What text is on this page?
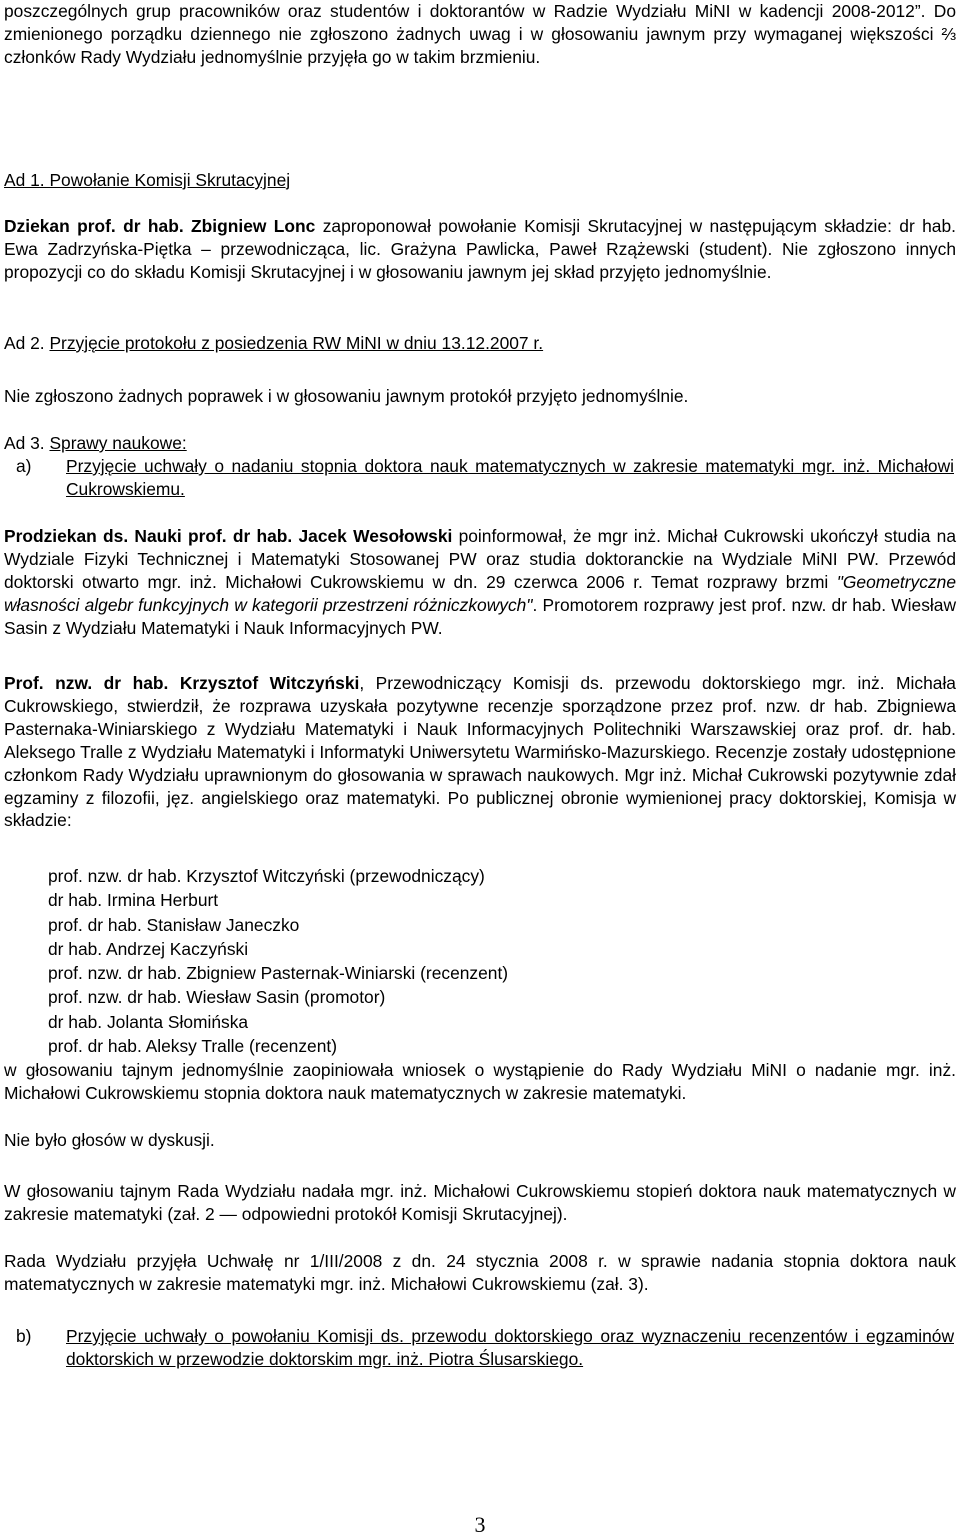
poszczególnych grup pracowników oraz studentów i doktorantów w Radzie Wydziału MiNI w kadencji 2008-2012”. Do zmienionego porządku dziennego nie zgłoszono żadnych uwag i w głosowaniu jawnym przy wymaganej większości ⅔ członków Rady Wydziału jednomyślnie przyjęła go w takim brzmieniu.

Ad 1. Powołanie Komisji Skrutacyjnej

Dziekan prof. dr hab. Zbigniew Lonc zaproponował powołanie Komisji Skrutacyjnej w następującym składzie: dr hab. Ewa Zadrzyńska-Piętka – przewodnicząca, lic. Grażyna Pawlicka, Paweł Rzążewski (student). Nie zgłoszono innych propozycji co do składu Komisji Skrutacyjnej i w głosowaniu jawnym jej skład przyjęto jednomyślnie.

Ad 2. Przyjęcie protokołu z posiedzenia RW MiNI w dniu 13.12.2007 r.

Nie zgłoszono żadnych poprawek i w głosowaniu jawnym protokół przyjęto jednomyślnie.

Ad 3. Sprawy naukowe:

a) Przyjęcie uchwały o nadaniu stopnia doktora nauk matematycznych w zakresie matematyki mgr. inż. Michałowi Cukrowskiemu.

Prodziekan ds. Nauki prof. dr hab. Jacek Wesołowski poinformował, że mgr inż. Michał Cukrowski ukończył studia na Wydziale Fizyki Technicznej i Matematyki Stosowanej PW oraz studia doktoranckie na Wydziale MiNI PW. Przewód doktorski otwarto mgr. inż. Michałowi Cukrowskiemu w dn. 29 czerwca 2006 r. Temat rozprawy brzmi "Geometryczne własności algebr funkcyjnych w kategorii przestrzeni różniczkowych". Promotorem rozprawy jest prof. nzw. dr hab. Wiesław Sasin z Wydziału Matematyki i Nauk Informacyjnych PW.

Prof. nzw. dr hab. Krzysztof Witczyński, Przewodniczący Komisji ds. przewodu doktorskiego mgr. inż. Michała Cukrowskiego, stwierdził, że rozprawa uzyskała pozytywne recenzje sporządzone przez prof. nzw. dr hab. Zbigniewa Pasternaka-Winiarskiego z Wydziału Matematyki i Nauk Informacyjnych Politechniki Warszawskiej oraz prof. dr. hab. Aleksego Tralle z Wydziału Matematyki i Informatyki Uniwersytetu Warmińsko-Mazurskiego. Recenzje zostały udostępnione członkom Rady Wydziału uprawnionym do głosowania w sprawach naukowych. Mgr inż. Michał Cukrowski pozytywnie zdał egzaminy z filozofii, jęz. angielskiego oraz matematyki. Po publicznej obronie wymienionej pracy doktorskiej, Komisja w składzie:

prof. nzw. dr hab. Krzysztof Witczyński (przewodniczący)
dr hab. Irmina Herburt
prof. dr hab. Stanisław Janeczko
dr hab. Andrzej Kaczyński
prof. nzw. dr hab. Zbigniew Pasternak-Winiarski (recenzent)
prof. nzw. dr hab. Wiesław Sasin (promotor)
dr hab. Jolanta Słomińska
prof. dr hab. Aleksy Tralle (recenzent)

w głosowaniu tajnym jednomyślnie zaopiniowała wniosek o wystąpienie do Rady Wydziału MiNI o nadanie mgr. inż. Michałowi Cukrowskiemu stopnia doktora nauk matematycznych w zakresie matematyki.

Nie było głosów w dyskusji.

W głosowaniu tajnym Rada Wydziału nadała mgr. inż. Michałowi Cukrowskiemu stopień doktora nauk matematycznych w zakresie matematyki (zał. 2 — odpowiedni protokół Komisji Skrutacyjnej).

Rada Wydziału przyjęła Uchwałę nr 1/III/2008 z dn. 24 stycznia 2008 r. w sprawie nadania stopnia doktora nauk matematycznych w zakresie matematyki mgr. inż. Michałowi Cukrowskiemu (zał. 3).

b) Przyjęcie uchwały o powołaniu Komisji ds. przewodu doktorskiego oraz wyznaczeniu recenzentów i egzaminów doktorskich w przewodzie doktorskim mgr. inż. Piotra Ślusarskiego.
3
